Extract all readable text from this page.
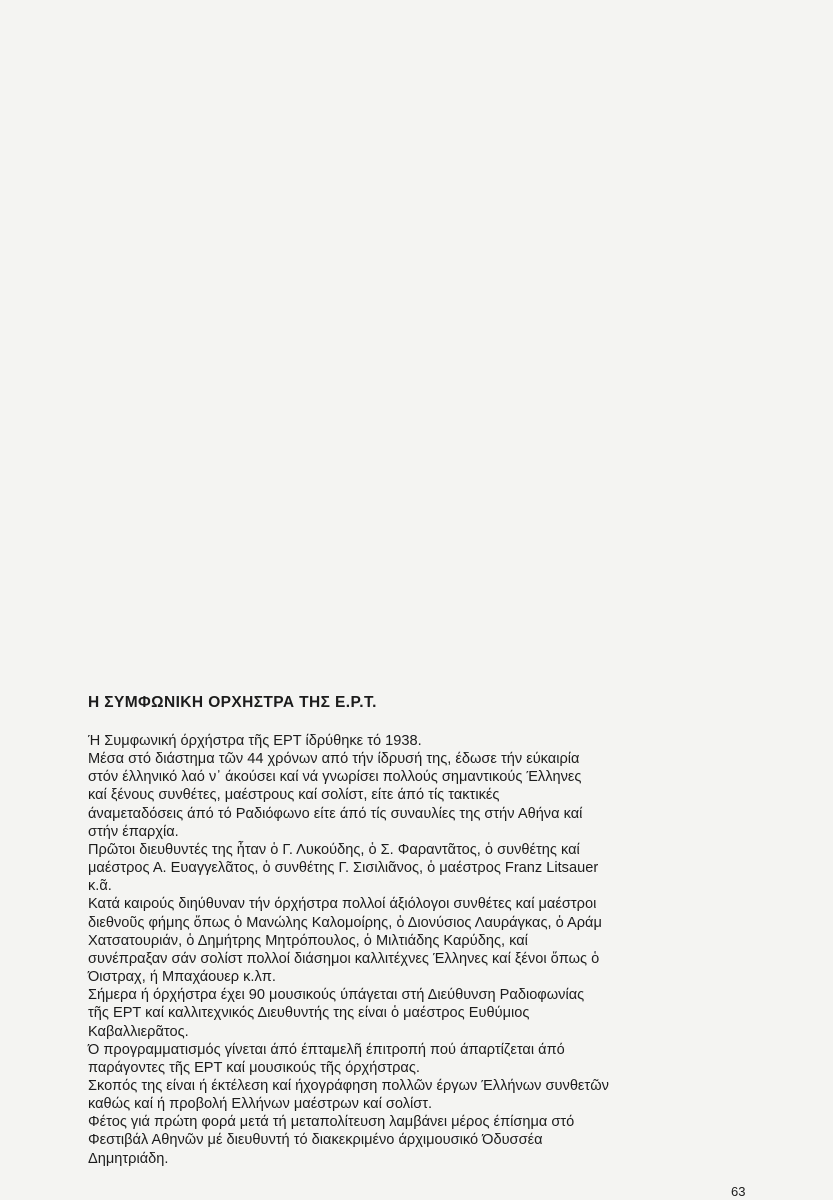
Η ΣΥΜΦΩΝΙΚΗ ΟΡΧΗΣΤΡΑ ΤΗΣ Ε.Ρ.Τ.
Ή Συμφωνική όρχήστρα τῆς ΕΡΤ ίδρύθηκε τό 1938.
Μέσα στό διάστημα τῶν 44 χρόνων από τήν ίδρυσή της, έδωσε τήν εύκαιρία
στόν έλληνικό λαό ν᾽ άκούσει καί νά γνωρίσει πολλούς σημαντικούς Έλληνες
καί ξένους συνθέτες, μαέστρους καί σολίστ, είτε άπό τίς τακτικές
άναμεταδόσεις άπό τό Ραδιόφωνο είτε άπό τίς συναυλίες της στήν Αθήνα καί
στήν έπαρχία.
Πρῶτοι διευθυντές της ἦταν ὁ Γ. Λυκούδης, ὁ Σ. Φαραντᾶτος, ὁ συνθέτης καί
μαέστρος Α. Ευαγγελᾶτος, ὁ συνθέτης Γ. Σισιλιᾶνος, ὁ μαέστρος Franz Litsauer
κ.ᾶ.
Κατά καιρούς διηύθυναν τήν όρχήστρα πολλοί άξιόλογοι συνθέτες καί μαέστροι
διεθνοῦς φήμης ὅπως ὁ Μανώλης Καλομοίρης, ὁ Διονύσιος Λαυράγκας, ὁ Αράμ
Χατσατουριάν, ὁ Δημήτρης Μητρόπουλος, ὁ Μιλτιάδης Καρύδης, καί
συνέπραξαν σάν σολίστ πολλοί διάσημοι καλλιτέχνες Έλληνες καί ξένοι ὅπως ὁ
Όιστραχ, ή Μπαχάουερ κ.λπ.
Σήμερα ή όρχήστρα έχει 90 μουσικούς ύπάγεται στή Διεύθυνση Ραδιοφωνίας
τῆς ΕΡΤ καί καλλιτεχνικός Διευθυντής της είναι ὁ μαέστρος Ευθύμιος
Καβαλλιερᾶτος.
Ό προγραμματισμός γίνεται άπό έπταμελῆ έπιτροπή πού άπαρτίζεται άπό
παράγοντες τῆς ΕΡΤ καί μουσικούς τῆς όρχήστρας.
Σκοπός της είναι ή έκτέλεση καί ήχογράφηση πολλῶν έργων Έλλήνων συνθετῶν
καθώς καί ή προβολή Ελλήνων μαέστρων καί σολίστ.
Φέτος γιά πρώτη φορά μετά τή μεταπολίτευση λαμβάνει μέρος έπίσημα στό
Φεστιβάλ Αθηνῶν μέ διευθυντή τό διακεκριμένο άρχιμουσικό Όδυσσέα
Δημητριάδη.
63
